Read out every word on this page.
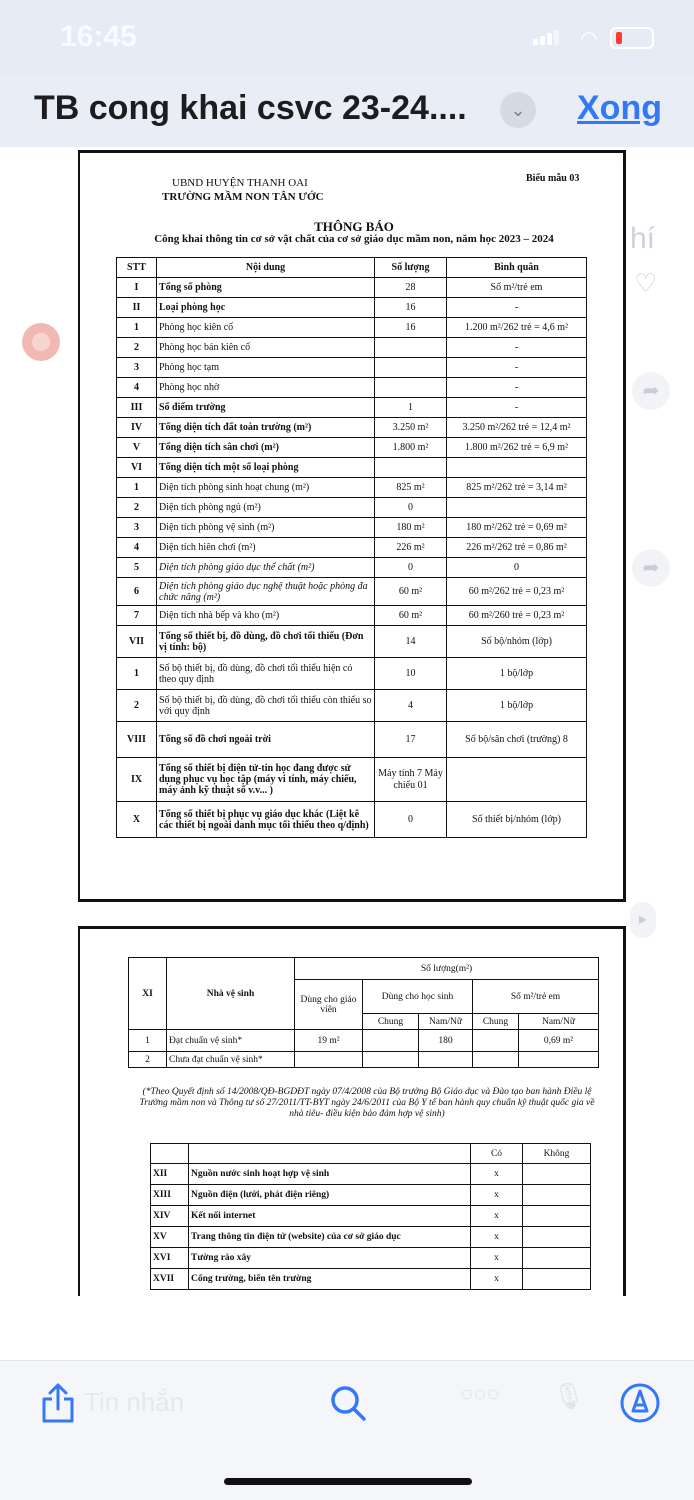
16:45	◠
TB cong khai csvc 23-24....	⌄	Xong
hí
♡
➦
➦
▸
UBND HUYỆN THANH OAI
TRƯỜNG MẦM NON TÂN ƯỚC
Biểu mẫu 03
THÔNG BÁO
Công khai thông tin cơ sở vật chất của cơ sở giáo dục mầm non, năm học 2023 – 2024
STT	Nội dung	Số lượng	Bình quân
I	Tổng số phòng	28	Số m²/trẻ em
II	Loại phòng học	16	-
1	Phòng học kiên cố	16	1.200 m²/262 trẻ = 4,6 m²
2	Phòng học bán kiên cố		-
3	Phòng học tạm		-
4	Phòng học nhờ		-
III	Số điểm trường	1	-
IV	Tổng diện tích đất toàn trường (m²)	3.250 m²	3.250 m²/262 trẻ = 12,4 m²
V	Tổng diện tích sân chơi (m²)	1.800 m²	1.800 m²/262 trẻ = 6,9 m²
VI	Tổng diện tích một số loại phòng		
1	Diện tích phòng sinh hoạt chung (m²)	825 m²	825 m²/262 trẻ = 3,14 m²
2	Diện tích phòng ngủ (m²)	0	
3	Diện tích phòng vệ sinh (m²)	180 m²	180 m²/262 trẻ = 0,69 m²
4	Diện tích hiên chơi (m²)	226 m²	226 m²/262 trẻ = 0,86 m²
5	Diện tích phòng giáo dục thể chất (m²)	0	0
6	Diện tích phòng giáo dục nghệ thuật hoặc phòng đa chức năng (m²)	60 m²	60 m²/262 trẻ = 0,23 m²
7	Diện tích nhà bếp và kho (m²)	60 m²	60 m²/260 trẻ = 0,23 m²
VII	Tổng số thiết bị, đồ dùng, đồ chơi tối thiểu (Đơn vị tính: bộ)	14	Số bộ/nhóm (lớp)
1	Số bộ thiết bị, đồ dùng, đồ chơi tối thiểu hiện có theo quy định	10	1 bộ/lớp
2	Số bộ thiết bị, đồ dùng, đồ chơi tối thiểu còn thiếu so với quy định	4	1 bộ/lớp
VIII	Tổng số đồ chơi ngoài trời	17	Số bộ/sân chơi (trường) 8
IX	Tổng số thiết bị điện tử-tin học đang được sử dụng phục vụ học tập (máy vi tính, máy chiếu, máy ảnh kỹ thuật số v.v... )	Máy tính 7 Máy chiếu 01	
X	Tổng số thiết bị phục vụ giáo dục khác (Liệt kê các thiết bị ngoài danh mục tối thiểu theo q/định)	0	Số thiết bị/nhóm (lớp)
XI	Nhà vệ sinh	Số lượng(m²)				
		Dùng cho giáo viên	Dùng cho học sinh		Số m²/trẻ em	
			Chung	Nam/Nữ	Chung	Nam/Nữ
1	Đạt chuẩn vệ sinh*	19 m²		180		0,69 m²
2	Chưa đạt chuẩn vệ sinh*					
(*Theo Quyết định số 14/2008/QĐ-BGDĐT ngày 07/4/2008 của Bộ trưởng Bộ Giáo dục và Đào tạo ban hành Điều lệ Trường mầm non và Thông tư số 27/2011/TT-BYT ngày 24/6/2011 của Bộ Y tế ban hành quy chuẩn kỹ thuật quốc gia về nhà tiêu- điều kiện bảo đảm hợp vệ sinh)
		Có	Không
XII	Nguồn nước sinh hoạt hợp vệ sinh	x	
XIII	Nguồn điện (lưới, phát điện riêng)	x	
XIV	Kết nối internet	x	
XV	Trang thông tin điện tử (website) của cơ sở giáo dục	x	
XVI	Tường rào xây	x	
XVII	Cổng trường, biển tên trường	x	
Tin nhắn	○○○	🎙
